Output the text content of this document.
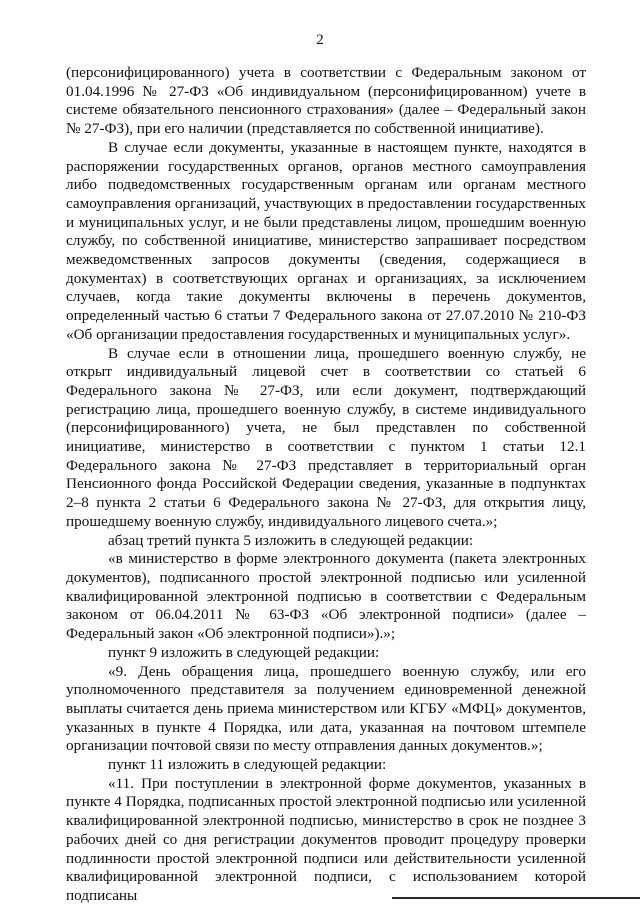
2

(персонифицированного) учета в соответствии с Федеральным законом от 01.04.1996 № 27-ФЗ «Об индивидуальном (персонифицированном) учете в системе обязательного пенсионного страхования» (далее – Федеральный закон № 27-ФЗ), при его наличии (представляется по собственной инициативе).

В случае если документы, указанные в настоящем пункте, находятся в распоряжении государственных органов, органов местного самоуправления либо подведомственных государственным органам или органам местного самоуправления организаций, участвующих в предоставлении государственных и муниципальных услуг, и не были представлены лицом, прошедшим военную службу, по собственной инициативе, министерство запрашивает посредством межведомственных запросов документы (сведения, содержащиеся в документах) в соответствующих органах и организациях, за исключением случаев, когда такие документы включены в перечень документов, определенный частью 6 статьи 7 Федерального закона от 27.07.2010 № 210-ФЗ «Об организации предоставления государственных и муниципальных услуг».

В случае если в отношении лица, прошедшего военную службу, не открыт индивидуальный лицевой счет в соответствии со статьей 6 Федерального закона № 27-ФЗ, или если документ, подтверждающий регистрацию лица, прошедшего военную службу, в системе индивидуального (персонифицированного) учета, не был представлен по собственной инициативе, министерство в соответствии с пунктом 1 статьи 12.1 Федерального закона № 27-ФЗ представляет в территориальный орган Пенсионного фонда Российской Федерации сведения, указанные в подпунктах 2–8 пункта 2 статьи 6 Федерального закона № 27-ФЗ, для открытия лицу, прошедшему военную службу, индивидуального лицевого счета.»;

абзац третий пункта 5 изложить в следующей редакции:

«в министерство в форме электронного документа (пакета электронных документов), подписанного простой электронной подписью или усиленной квалифицированной электронной подписью в соответствии с Федеральным законом от 06.04.2011 № 63-ФЗ «Об электронной подписи» (далее – Федеральный закон «Об электронной подписи»).»;

пункт 9 изложить в следующей редакции:

«9. День обращения лица, прошедшего военную службу, или его уполномоченного представителя за получением единовременной денежной выплаты считается день приема министерством или КГБУ «МФЦ» документов, указанных в пункте 4 Порядка, или дата, указанная на почтовом штемпеле организации почтовой связи по месту отправления данных документов.»;

пункт 11 изложить в следующей редакции:

«11. При поступлении в электронной форме документов, указанных в пункте 4 Порядка, подписанных простой электронной подписью или усиленной квалифицированной электронной подписью, министерство в срок не позднее 3 рабочих дней со дня регистрации документов проводит процедуру проверки подлинности простой электронной подписи или действительности усиленной квалифицированной электронной подписи, с использованием которой подписаны
